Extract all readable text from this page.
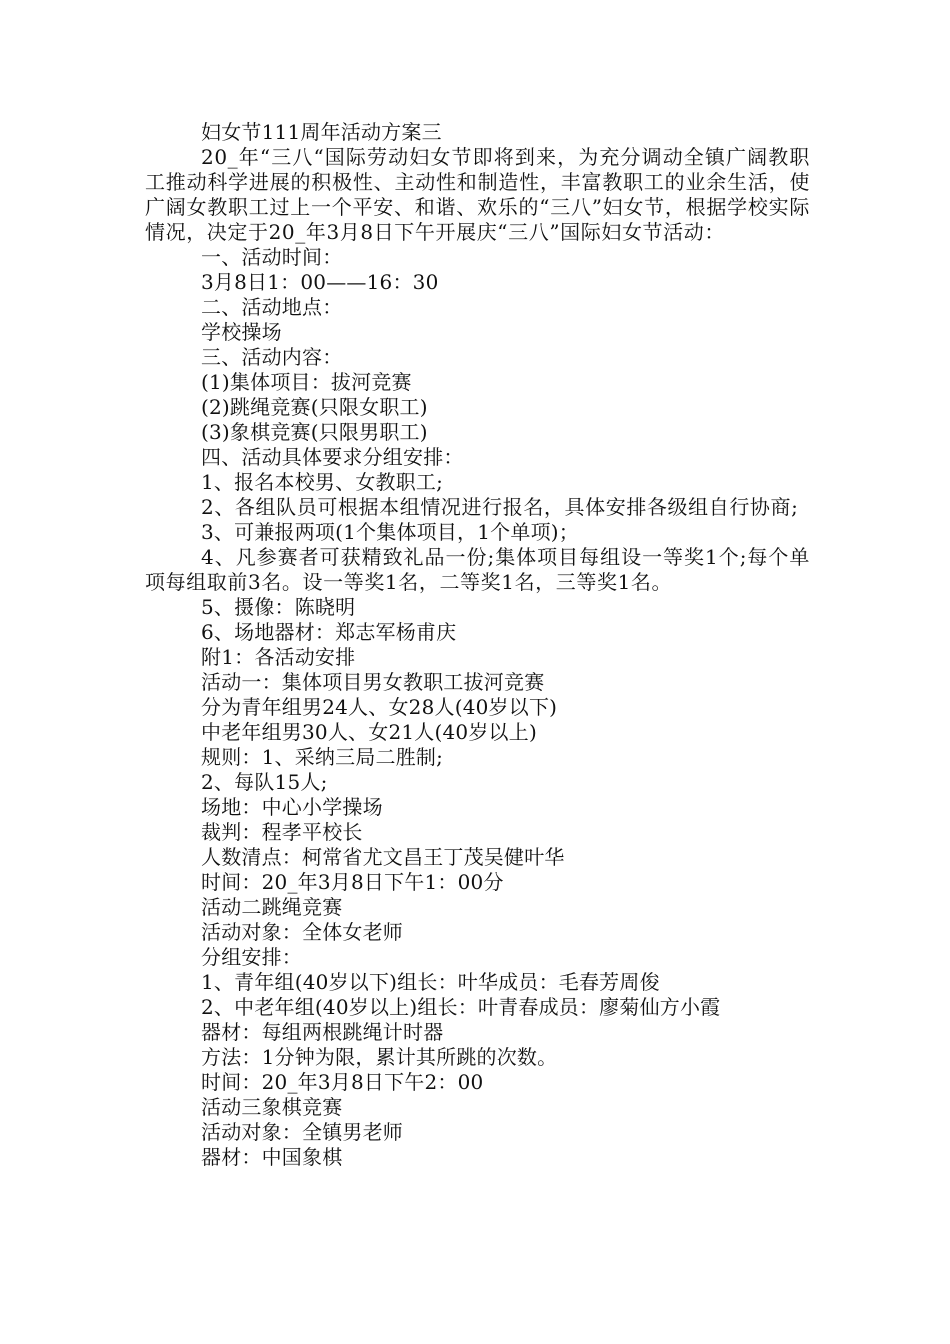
妇女节111周年活动方案三
20_年“三八“国际劳动妇女节即将到来，为充分调动全镇广阔教职工推动科学进展的积极性、主动性和制造性，丰富教职工的业余生活，使广阔女教职工过上一个平安、和谐、欢乐的“三八”妇女节，根据学校实际情况，决定于20_年3月8日下午开展庆“三八”国际妇女节活动：
一、活动时间：
3月8日1：00——16：30
二、活动地点：
学校操场
三、活动内容：
(1)集体项目：拔河竞赛
(2)跳绳竞赛(只限女职工)
(3)象棋竞赛(只限男职工)
四、活动具体要求分组安排：
1、报名本校男、女教职工;
2、各组队员可根据本组情况进行报名，具体安排各级组自行协商;
3、可兼报两项(1个集体项目，1个单项)；
4、凡参赛者可获精致礼品一份;集体项目每组设一等奖1个;每个单项每组取前3名。设一等奖1名，二等奖1名，三等奖1名。
5、摄像：陈晓明
6、场地器材：郑志军杨甫庆
附1：各活动安排
活动一：集体项目男女教职工拔河竞赛
分为青年组男24人、女28人(40岁以下)
中老年组男30人、女21人(40岁以上)
规则：1、采纳三局二胜制;
2、每队15人;
场地：中心小学操场
裁判：程孝平校长
人数清点：柯常省尤文昌王丁茂吴健叶华
时间：20_年3月8日下午1：00分
活动二跳绳竞赛
活动对象：全体女老师
分组安排：
1、青年组(40岁以下)组长：叶华成员：毛春芳周俊
2、中老年组(40岁以上)组长：叶青春成员：廖菊仙方小霞
器材：每组两根跳绳计时器
方法：1分钟为限，累计其所跳的次数。
时间：20_年3月8日下午2：00
活动三象棋竞赛
活动对象：全镇男老师
器材：中国象棋
